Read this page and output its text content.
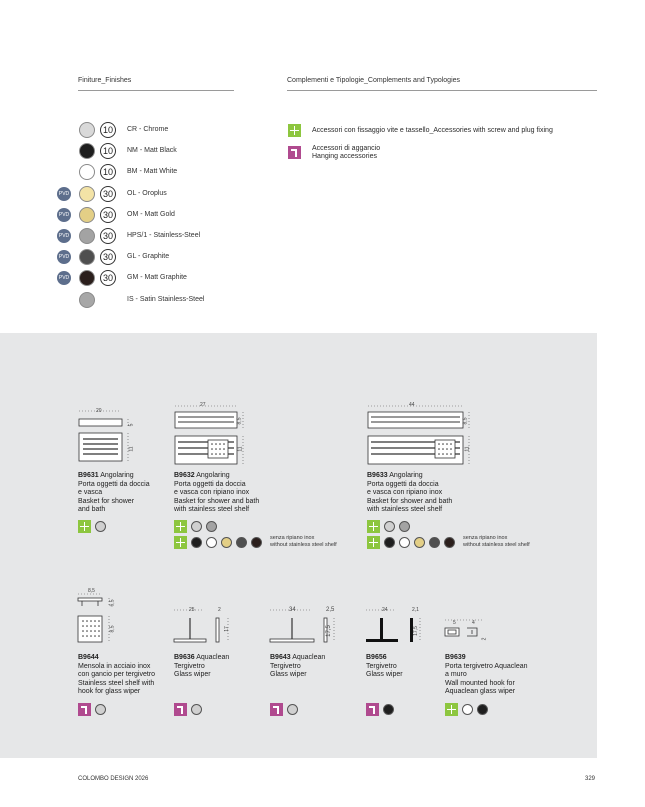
Finiture_Finishes	Complementi e Tipologie_Complements and Typologies
10	CR - Chrome
10	NM - Matt Black
10	BM - Matt White
PVD	30	OL - Oroplus
PVD	30	OM - Matt Gold
PVD	30	HPS/1 - Stainless-Steel
PVD	30	GL - Graphite
PVD	30	GM - Matt Graphite
IS - Satin Stainless-Steel
Accessori con fissaggio vite e tassello_Accessories with screw and plug fixing
Accessori di aggancio
Hanging accessories
20
5
11
B9631 Angolaring
Porta oggetti da doccia
e vasca
Basket for shower
and bath
27
8,5
11
B9632 Angolaring
Porta oggetti da doccia
e vasca con ripiano inox
Basket for shower and bath
with stainless steel shelf
senza ripiano inox
without stainless steel shelf
44
8,5
11
B9633 Angolaring
Porta oggetti da doccia
e vasca con ripiano inox
Basket for shower and bath
with stainless steel shelf
senza ripiano inox
without stainless steel shelf
8,5
6,5
8,5
B9644
Mensola in acciaio inox
con gancio per tergivetro
Stainless steel shelf with
hook for glass wiper
25	2
17
B9636 Aquaclean
Tergivetro
Glass wiper
34	2,5
17,5
B9643 Aquaclean
Tergivetro
Glass wiper
24	2,1
17,5
B9656
Tergivetro
Glass wiper
5	4
2
B9639
Porta tergivetro Aquaclean
a muro
Wall mounted hook for
Aquaclean glass wiper
COLOMBO DESIGN 2026	329
